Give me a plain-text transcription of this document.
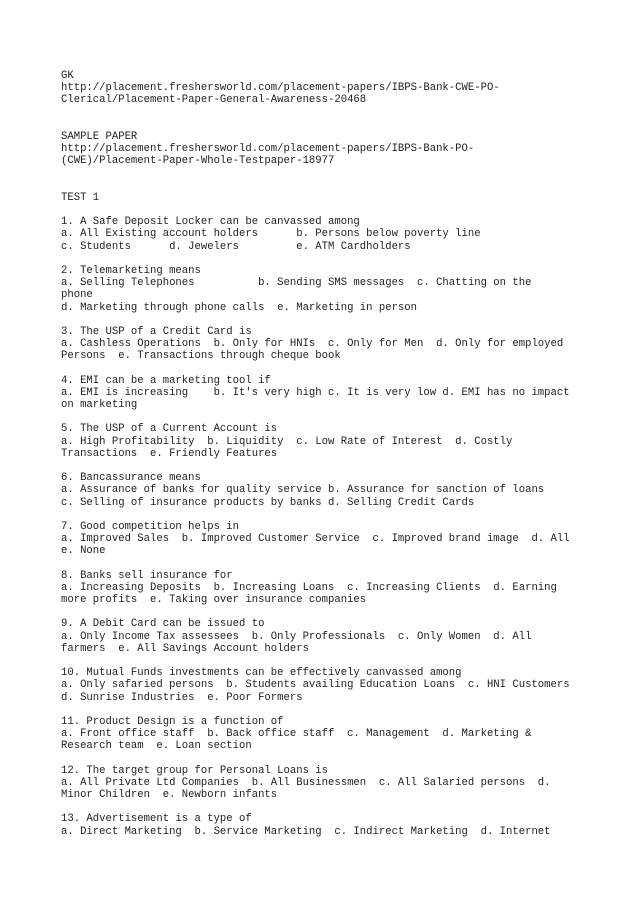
GK
http://placement.freshersworld.com/placement-papers/IBPS-Bank-CWE-PO-
Clerical/Placement-Paper-General-Awareness-20468
SAMPLE PAPER
http://placement.freshersworld.com/placement-papers/IBPS-Bank-PO-
(CWE)/Placement-Paper-Whole-Testpaper-18977
TEST 1
1. A Safe Deposit Locker can be canvassed among
a. All Existing account holders      b. Persons below poverty line
c. Students      d. Jewelers         e. ATM Cardholders
2. Telemarketing means
a. Selling Telephones          b. Sending SMS messages  c. Chatting on the
phone
d. Marketing through phone calls  e. Marketing in person
3. The USP of a Credit Card is
a. Cashless Operations  b. Only for HNIs  c. Only for Men  d. Only for employed
Persons  e. Transactions through cheque book
4. EMI can be a marketing tool if
a. EMI is increasing    b. It's very high c. It is very low d. EMI has no impact
on marketing
5. The USP of a Current Account is
a. High Profitability  b. Liquidity  c. Low Rate of Interest  d. Costly
Transactions  e. Friendly Features
6. Bancassurance means
a. Assurance of banks for quality service b. Assurance for sanction of loans
c. Selling of insurance products by banks d. Selling Credit Cards
7. Good competition helps in
a. Improved Sales  b. Improved Customer Service  c. Improved brand image  d. All
e. None
8. Banks sell insurance for
a. Increasing Deposits  b. Increasing Loans  c. Increasing Clients  d. Earning
more profits  e. Taking over insurance companies
9. A Debit Card can be issued to
a. Only Income Tax assessees  b. Only Professionals  c. Only Women  d. All
farmers  e. All Savings Account holders
10. Mutual Funds investments can be effectively canvassed among
a. Only safaried persons  b. Students availing Education Loans  c. HNI Customers
d. Sunrise Industries  e. Poor Formers
11. Product Design is a function of
a. Front office staff  b. Back office staff  c. Management  d. Marketing &
Research team  e. Loan section
12. The target group for Personal Loans is
a. All Private Ltd Companies  b. All Businessmen  c. All Salaried persons  d.
Minor Children  e. Newborn infants
13. Advertisement is a type of
a. Direct Marketing  b. Service Marketing  c. Indirect Marketing  d. Internet
